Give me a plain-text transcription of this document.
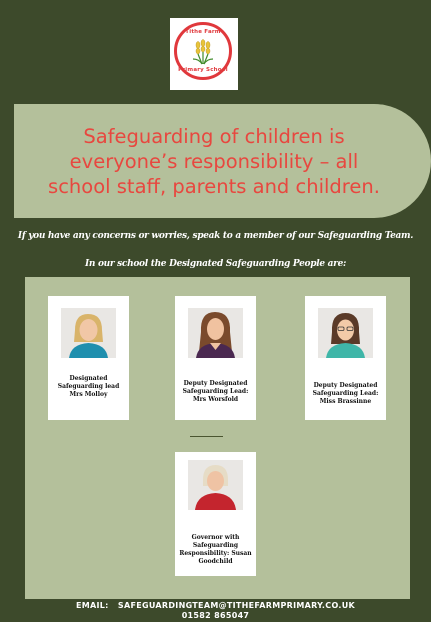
Tithe Farm
Primary School
Safeguarding of children is
everyone’s responsibility – all
school staff, parents and children.
If you have any concerns or worries, speak to a member of our Safeguarding Team.
In our school the Designated Safeguarding People are:
Designated
Safeguarding lead
Mrs Molloy
Deputy Designated
Safeguarding Lead:
Mrs Worsfold
Deputy Designated
Safeguarding Lead:
Miss Brassinne
Governor with
Safeguarding
Responsibility: Susan
Goodchild
EMAIL:   SAFEGUARDINGTEAM@TITHEFARMPRIMARY.CO.UK
01582 865047
